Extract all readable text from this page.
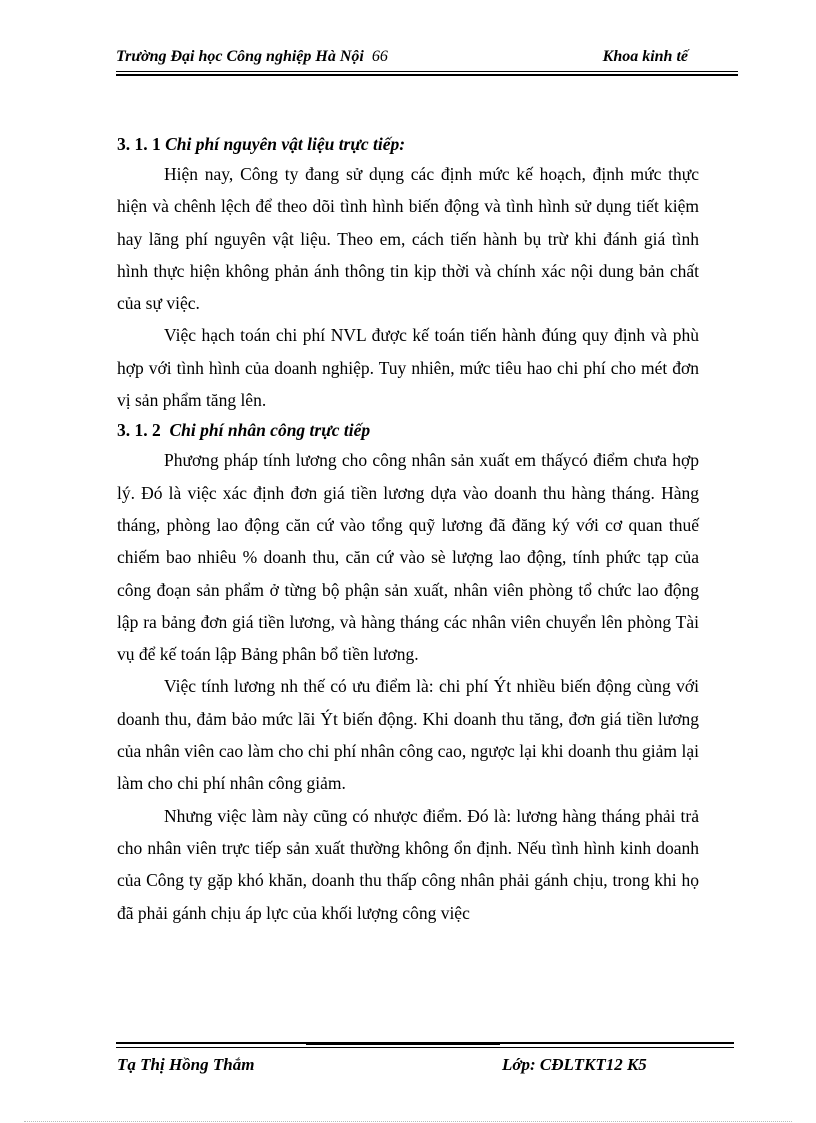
Trường Đại học Công nghiệp Hà Nội 66	Khoa kinh tế

3. 1. 1 Chi phí nguyên vật liệu trực tiếp:

Hiện nay, Công ty đang sử dụng các định mức kế hoạch, định mức thực hiện và chênh lệch để theo dõi tình hình biến động và tình hình sử dụng tiết kiệm hay lãng phí nguyên vật liệu. Theo em, cách tiến hành bụ trừ khi đánh giá tình hình thực hiện không phản ánh thông tin kịp thời và chính xác nội dung bản chất của sự việc.

Việc hạch toán chi phí NVL được kế toán tiến hành đúng quy định và phù hợp với tình hình của doanh nghiệp. Tuy nhiên, mức tiêu hao chi phí cho mét đơn vị sản phẩm tăng lên.

3. 1. 2 Chi phí nhân công trực tiếp

Phương pháp tính lương cho công nhân sản xuất em thấycó điểm chưa hợp lý. Đó là việc xác định đơn giá tiền lương dựa vào doanh thu hàng tháng. Hàng tháng, phòng lao động căn cứ vào tổng quỹ lương đã đăng ký với cơ quan thuế chiếm bao nhiêu % doanh thu, căn cứ vào sè lượng lao động, tính phức tạp của công đoạn sản phẩm ở từng bộ phận sản xuất, nhân viên phòng tổ chức lao động lập ra bảng đơn giá tiền lương, và hàng tháng các nhân viên chuyển lên phòng Tài vụ để kế toán lập Bảng phân bổ tiền lương.

Việc tính lương nh thế có ưu điểm là: chi phí Ýt nhiều biến động cùng với doanh thu, đảm bảo mức lãi Ýt biến động. Khi doanh thu tăng, đơn giá tiền lương của nhân viên cao làm cho chi phí nhân công cao, ngược lại khi doanh thu giảm lại làm cho chi phí nhân công giảm.

Nhưng việc làm này cũng có nhược điểm. Đó là: lương hàng tháng phải trả cho nhân viên trực tiếp sản xuất thường không ổn định. Nếu tình hình kinh doanh của Công ty gặp khó khăn, doanh thu thấp công nhân phải gánh chịu, trong khi họ đã phải gánh chịu áp lực của khối lượng công việc

Tạ Thị Hồng Thắm	Lớp: CĐLTKT12 K5
